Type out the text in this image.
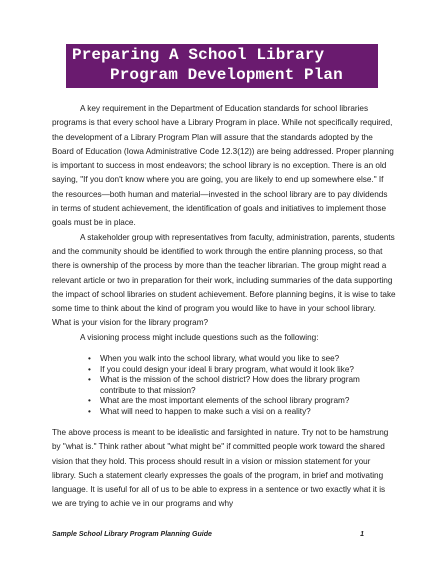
Preparing A School Library
Program Development Plan

A key requirement in the Department of Education standards for school libraries programs is that every school have a Library Program in place. While not specifically required, the development of a Library Program Plan will assure that the standards adopted by the Board of Education (Iowa Administrative Code 12.3(12)) are being addressed. Proper planning is important to success in most endeavors; the school library is no exception. There is an old saying, "If you don't know where you are going, you are likely to end up somewhere else." If the resources—both human and material—invested in the school library are to pay dividends in terms of student achievement, the identification of goals and initiatives to implement those goals must be in place.

A stakeholder group with representatives from faculty, administration, parents, students and the community should be identified to work through the entire planning process, so that there is ownership of the process by more than the teacher librarian. The group might read a relevant article or two in preparation for their work, including summaries of the data supporting the impact of school libraries on student achievement. Before planning begins, it is wise to take some time to think about the kind of program you would like to have in your school library. What is your vision for the library program?

A visioning process might include questions such as the following:

• When you walk into the school library, what would you like to see?
• If you could design your ideal li brary program, what would it look like?
• What is the mission of the school district? How does the library program contribute to that mission?
• What are the most important elements of the school library program?
• What will need to happen to make such a visi on a reality?

The above process is meant to be idealistic and farsighted in nature. Try not to be hamstrung by "what is." Think rather about "what might be" if committed people work toward the shared vision that they hold. This process should result in a vision or mission statement for your library. Such a statement clearly expresses the goals of the program, in brief and motivating language. It is useful for all of us to be able to express in a sentence or two exactly what it is we are trying to achie ve in our programs and why

Sample School Library Program Planning Guide	1
